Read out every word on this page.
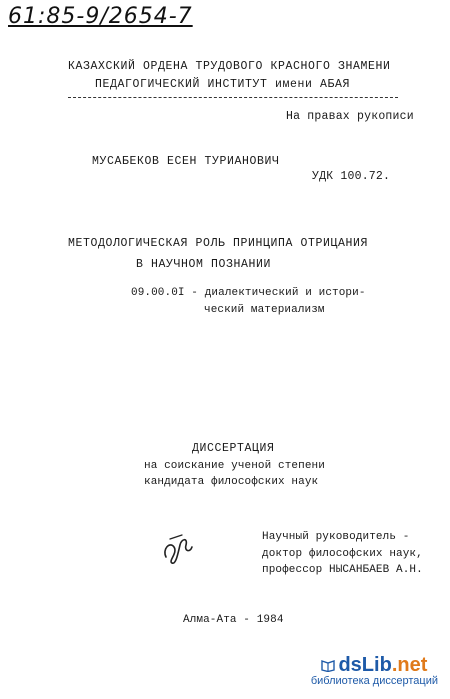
61:85-9/2654-7
КАЗАХСКИЙ ОРДЕНА ТРУДОВОГО КРАСНОГО ЗНАМЕНИ
ПЕДАГОГИЧЕСКИЙ ИНСТИТУТ имени АБАЯ
На правах рукописи
МУСАБЕКОВ ЕСЕН ТУРИАНОВИЧ
УДК 100.72.
МЕТОДОЛОГИЧЕСКАЯ РОЛЬ ПРИНЦИПА ОТРИЦАНИЯ
В НАУЧНОМ ПОЗНАНИИ
09.00.0I - диалектический и истори-
ческий материализм
ДИССЕРТАЦИЯ
на соискание ученой степени
кандидата философских наук
Научный руководитель -
доктор философских наук,
профессор НЫСАНБАЕВ А.Н.
Алма-Ата - 1984
dsLib .net
библиотека диссертаций
